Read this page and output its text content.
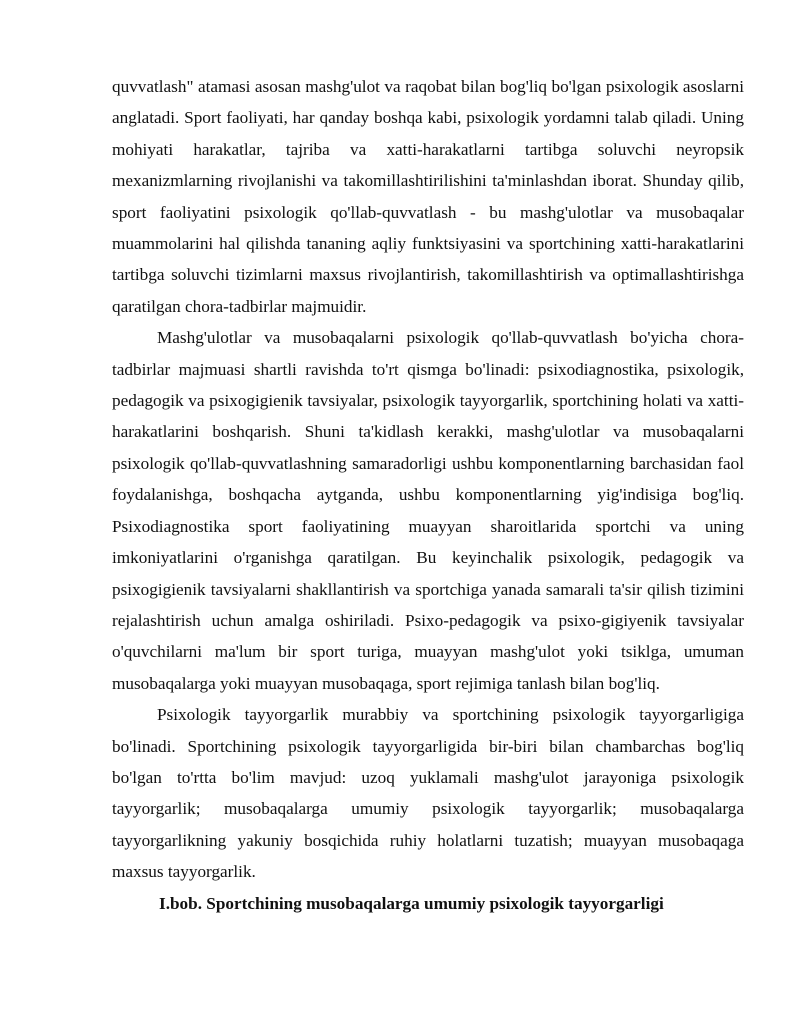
quvvatlash" atamasi asosan mashg'ulot va raqobat bilan bog'liq bo'lgan psixologik asoslarni anglatadi. Sport faoliyati, har qanday boshqa kabi, psixologik yordamni talab qiladi. Uning mohiyati harakatlar, tajriba va xatti-harakatlarni tartibga soluvchi neyropsik mexanizmlarning rivojlanishi va takomillashtirilishini ta'minlashdan iborat. Shunday qilib, sport faoliyatini psixologik qo'llab-quvvatlash - bu mashg'ulotlar va musobaqalar muammolarini hal qilishda tananing aqliy funktsiyasini va sportchining xatti-harakatlarini tartibga soluvchi tizimlarni maxsus rivojlantirish, takomillashtirish va optimallashtirishga qaratilgan chora-tadbirlar majmuidir.

Mashg'ulotlar va musobaqalarni psixologik qo'llab-quvvatlash bo'yicha chora-tadbirlar majmuasi shartli ravishda to'rt qismga bo'linadi: psixodiagnostika, psixologik, pedagogik va psixogigienik tavsiyalar, psixologik tayyorgarlik, sportchining holati va xatti-harakatlarini boshqarish. Shuni ta'kidlash kerakki, mashg'ulotlar va musobaqalarni psixologik qo'llab-quvvatlashning samaradorligi ushbu komponentlarning barchasidan faol foydalanishga, boshqacha aytganda, ushbu komponentlarning yig'indisiga bog'liq. Psixodiagnostika sport faoliyatining muayyan sharoitlarida sportchi va uning imkoniyatlarini o'rganishga qaratilgan. Bu keyinchalik psixologik, pedagogik va psixogigienik tavsiyalarni shakllantirish va sportchiga yanada samarali ta'sir qilish tizimini rejalashtirish uchun amalga oshiriladi. Psixo-pedagogik va psixo-gigiyenik tavsiyalar o'quvchilarni ma'lum bir sport turiga, muayyan mashg'ulot yoki tsiklga, umuman musobaqalarga yoki muayyan musobaqaga, sport rejimiga tanlash bilan bog'liq.

Psixologik tayyorgarlik murabbiy va sportchining psixologik tayyorgarligiga bo'linadi. Sportchining psixologik tayyorgarligida bir-biri bilan chambarchas bog'liq bo'lgan to'rtta bo'lim mavjud: uzoq yuklamali mashg'ulot jarayoniga psixologik tayyorgarlik; musobaqalarga umumiy psixologik tayyorgarlik; musobaqalarga tayyorgarlikning yakuniy bosqichida ruhiy holatlarni tuzatish; muayyan musobaqaga maxsus tayyorgarlik.

I.bob. Sportchining musobaqalarga umumiy psixologik tayyorgarligi
